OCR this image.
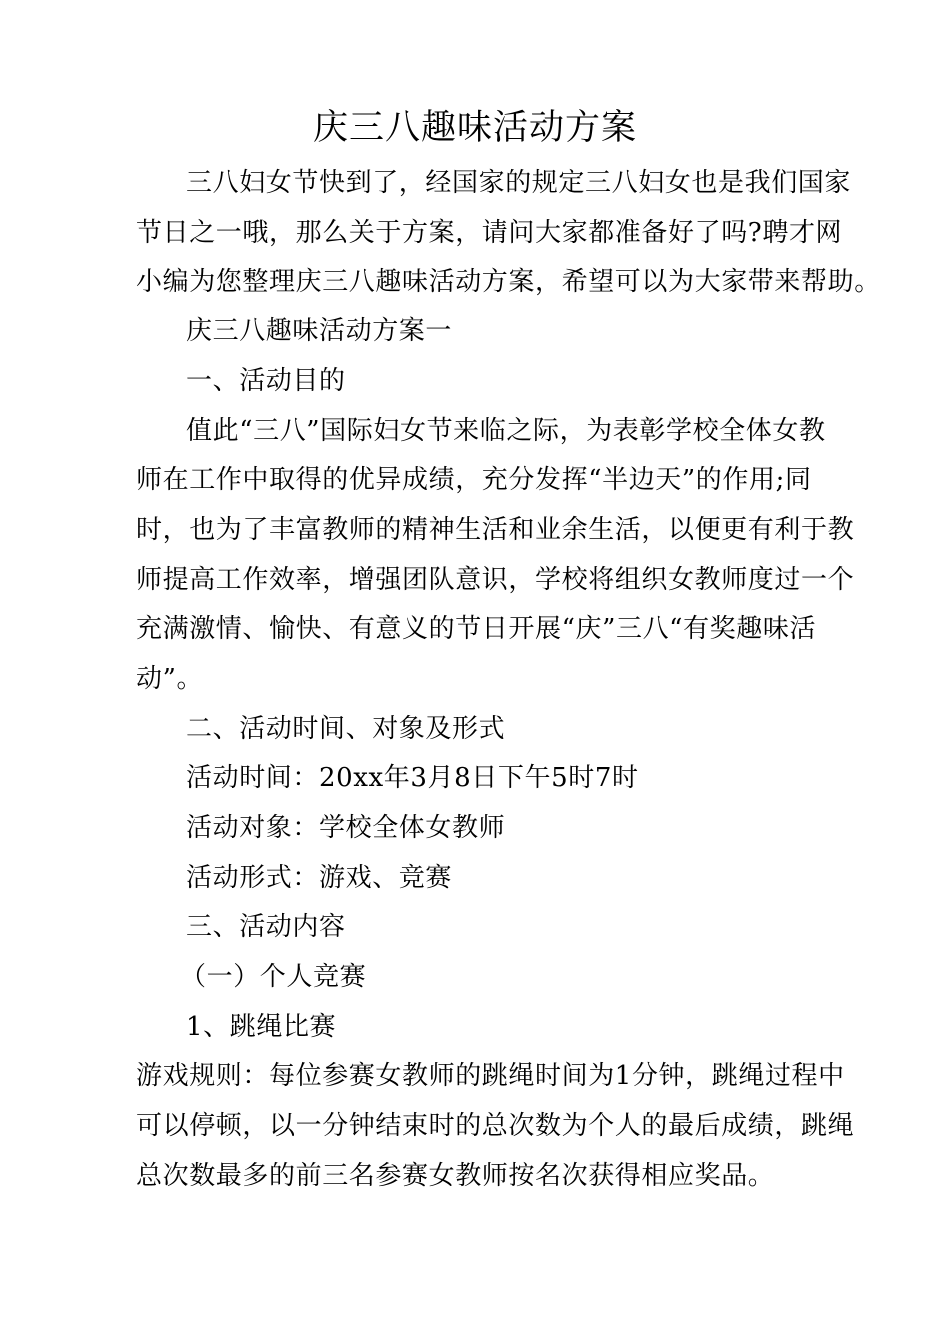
庆三八趣味活动方案
三八妇女节快到了，经国家的规定三八妇女也是我们国家
节日之一哦，那么关于方案，请问大家都准备好了吗?聘才网
小编为您整理庆三八趣味活动方案，希望可以为大家带来帮助。
庆三八趣味活动方案一
一、活动目的
值此“三八”国际妇女节来临之际，为表彰学校全体女教
师在工作中取得的优异成绩，充分发挥“半边天”的作用;同
时，也为了丰富教师的精神生活和业余生活，以便更有利于教
师提高工作效率，增强团队意识，学校将组织女教师度过一个
充满激情、愉快、有意义的节日开展“庆”三八“有奖趣味活
动”。
二、活动时间、对象及形式
活动时间：20xx年3月8日下午5时7时
活动对象：学校全体女教师
活动形式：游戏、竞赛
三、活动内容
（一）个人竞赛
1、跳绳比赛
游戏规则：每位参赛女教师的跳绳时间为1分钟，跳绳过程中
可以停顿，以一分钟结束时的总次数为个人的最后成绩，跳绳
总次数最多的前三名参赛女教师按名次获得相应奖品。
